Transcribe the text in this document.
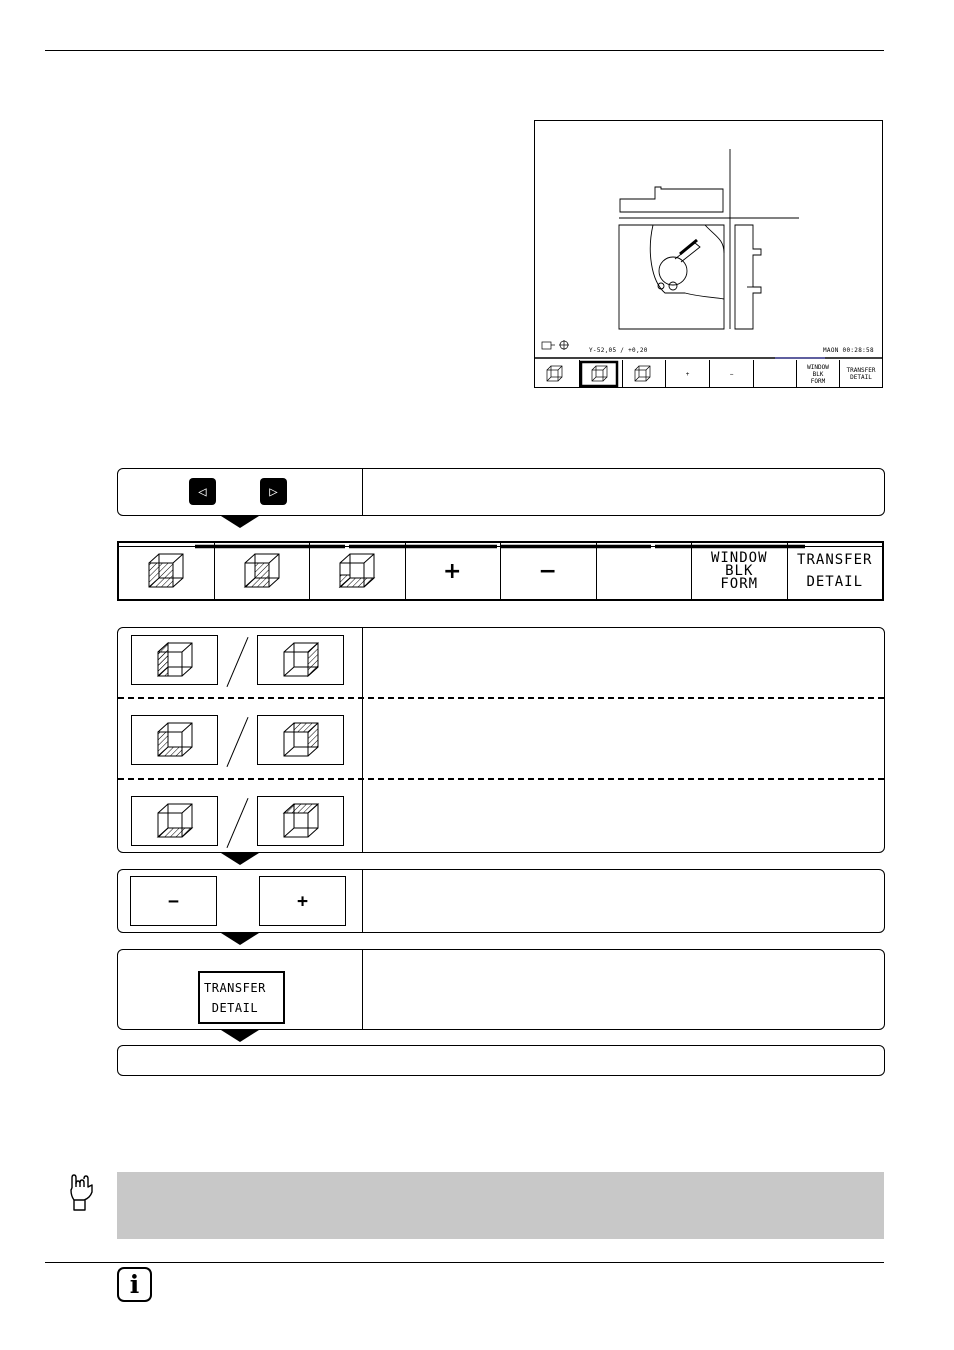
Y-52,05 / +0,20	MAON 00:28:58
+	−
WINDOW
BLK
FORM
TRANSFER
DETAIL
◁	▷
+	−
WINDOW
BLK
FORM
TRANSFER
DETAIL
−	+
TRANSFER
DETAIL
i
